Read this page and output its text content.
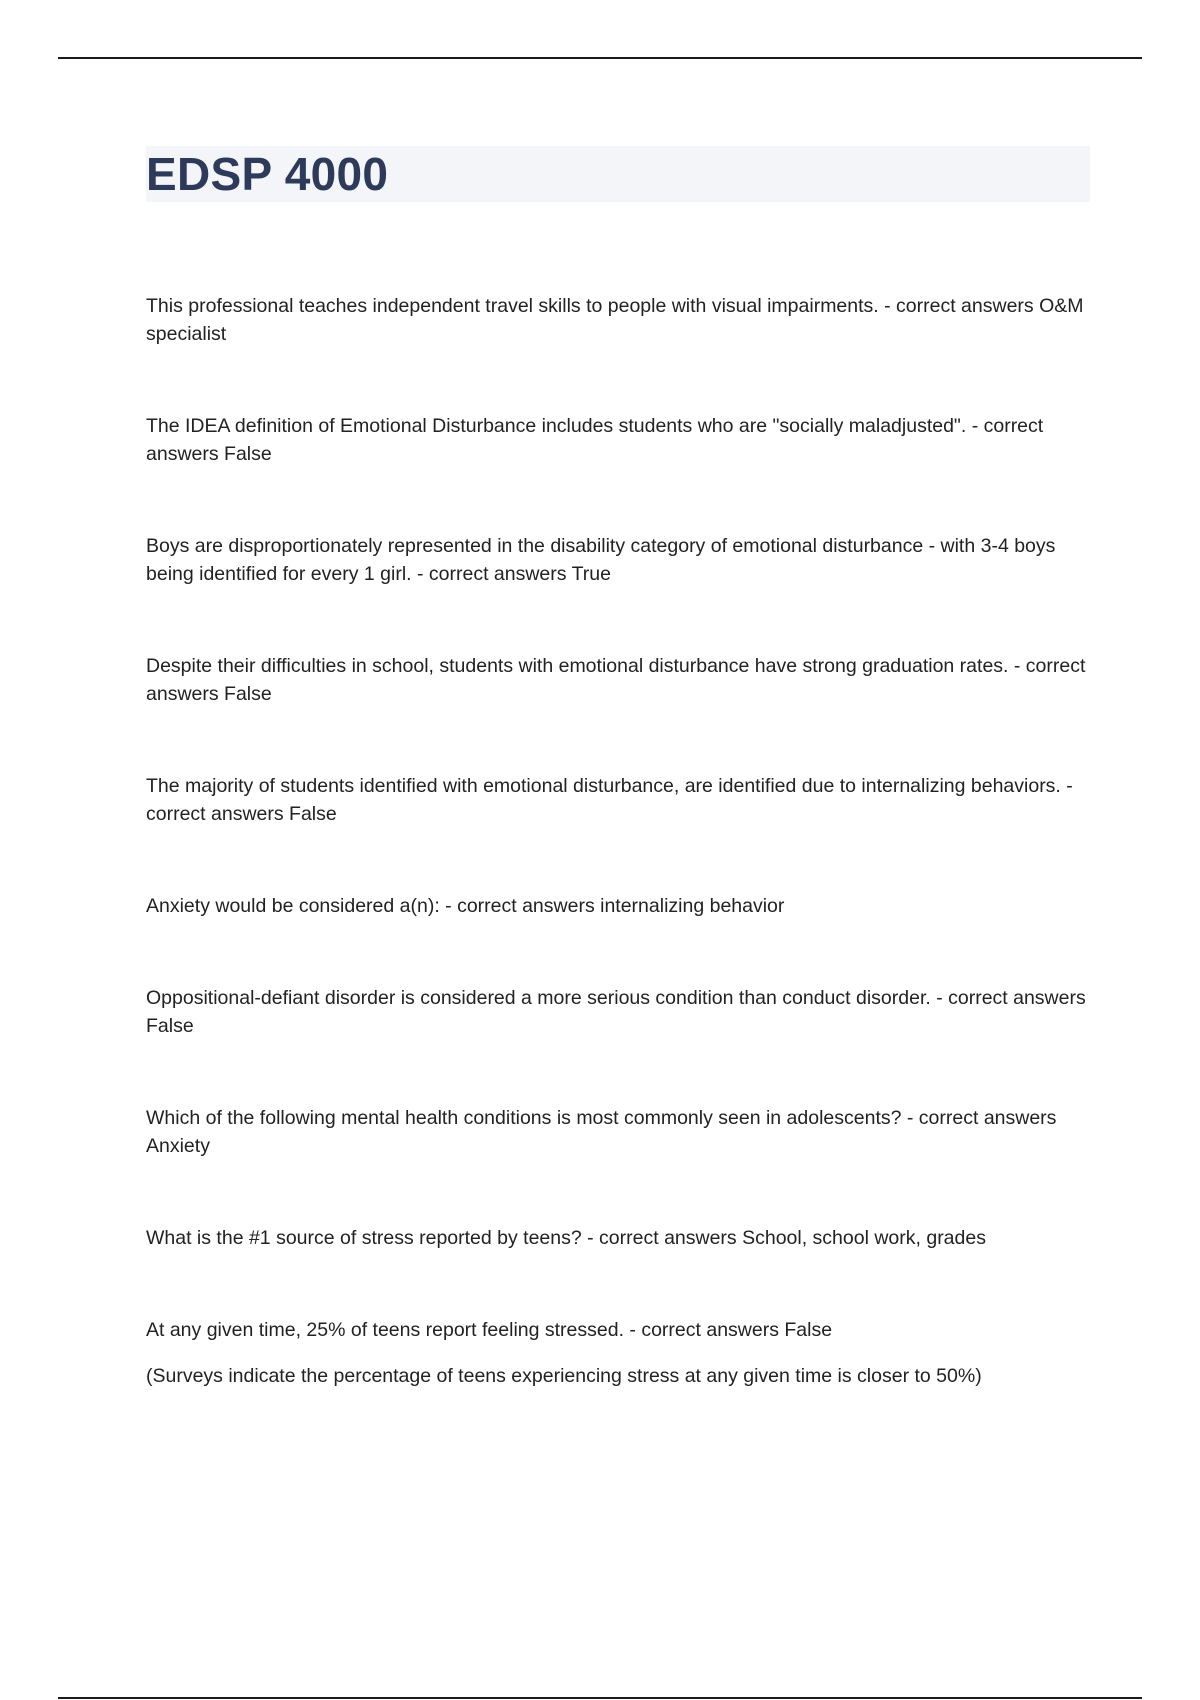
EDSP 4000
This professional teaches independent travel skills to people with visual impairments. - correct answers O&M specialist
The IDEA definition of Emotional Disturbance includes students who are "socially maladjusted". - correct answers False
Boys are disproportionately represented in the disability category of emotional disturbance - with 3-4 boys being identified for every 1 girl. - correct answers True
Despite their difficulties in school, students with emotional disturbance have strong graduation rates. - correct answers False
The majority of students identified with emotional disturbance, are identified due to internalizing behaviors. - correct answers False
Anxiety would be considered a(n): - correct answers internalizing behavior
Oppositional-defiant disorder is considered a more serious condition than conduct disorder. - correct answers False
Which of the following mental health conditions is most commonly seen in adolescents? - correct answers Anxiety
What is the #1 source of stress reported by teens? - correct answers School, school work, grades
At any given time, 25% of teens report feeling stressed. - correct answers False
(Surveys indicate the percentage of teens experiencing stress at any given time is closer to 50%)
